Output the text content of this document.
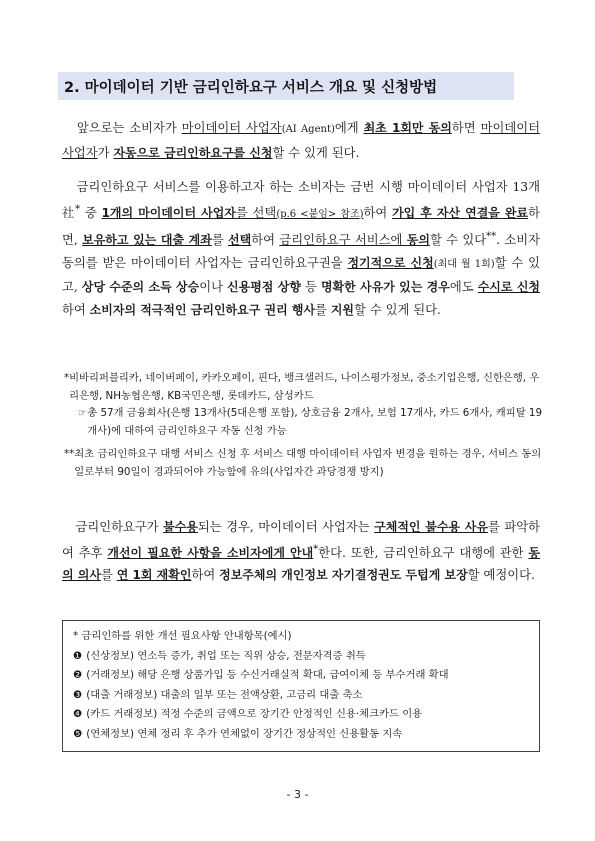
2. 마이데이터 기반 금리인하요구 서비스 개요 및 신청방법
앞으로는 소비자가 마이데이터 사업자(AI Agent)에게 최초 1회만 동의하면 마이데이터 사업자가 자동으로 금리인하요구를 신청할 수 있게 된다.
금리인하요구 서비스를 이용하고자 하는 소비자는 금번 시행 마이데이터 사업자 13개社* 중 1개의 마이데이터 사업자를 선택(p.6 <붙임> 참조)하여 가입 후 자산 연결을 완료하면, 보유하고 있는 대출 계좌를 선택하여 금리인하요구 서비스에 동의할 수 있다**. 소비자 동의를 받은 마이데이터 사업자는 금리인하요구권을 정기적으로 신청(최대 월 1회)할 수 있고, 상당 수준의 소득 상승이나 신용평점 상향 등 명확한 사유가 있는 경우에도 수시로 신청하여 소비자의 적극적인 금리인하요구 권리 행사를 지원할 수 있게 된다.
* 비바리퍼블리카, 네이버페이, 카카오페이, 핀다, 뱅크샐러드, 나이스평가정보, 중소기업은행, 신한은행, 우리은행, NH농협은행, KB국민은행, 롯데카드, 삼성카드
☞ 총 57개 금융회사(은행 13개사(5대은행 포함), 상호금융 2개사, 보험 17개사, 카드 6개사, 캐피탈 19개사)에 대하여 금리인하요구 자동 신청 가능
** 최초 금리인하요구 대행 서비스 신청 후 서비스 대행 마이데이터 사업자 변경을 원하는 경우, 서비스 동의일로부터 90일이 경과되어야 가능함에 유의(사업자간 과당경쟁 방지)
금리인하요구가 불수용되는 경우, 마이데이터 사업자는 구체적인 불수용 사유를 파악하여 추후 개선이 필요한 사항을 소비자에게 안내*한다. 또한, 금리인하요구 대행에 관한 동의 의사를 연 1회 재확인하여 정보주체의 개인정보 자기결정권도 두텁게 보장할 예정이다.
* 금리인하를 위한 개선 필요사항 안내항목(예시)
❶ (신상정보) 연소득 증가, 취업 또는 직위 상승, 전문자격증 취득
❷ (거래정보) 해당 은행 상품가입 등 수신거래실적 확대, 급여이체 등 부수거래 확대
❸ (대출 거래정보) 대출의 일부 또는 전액상환, 고금리 대출 축소
❹ (카드 거래정보) 적정 수준의 금액으로 장기간 안정적인 신용·체크카드 이용
❺ (연체정보) 연체 정리 후 추가 연체없이 장기간 정상적인 신용활동 지속
- 3 -
